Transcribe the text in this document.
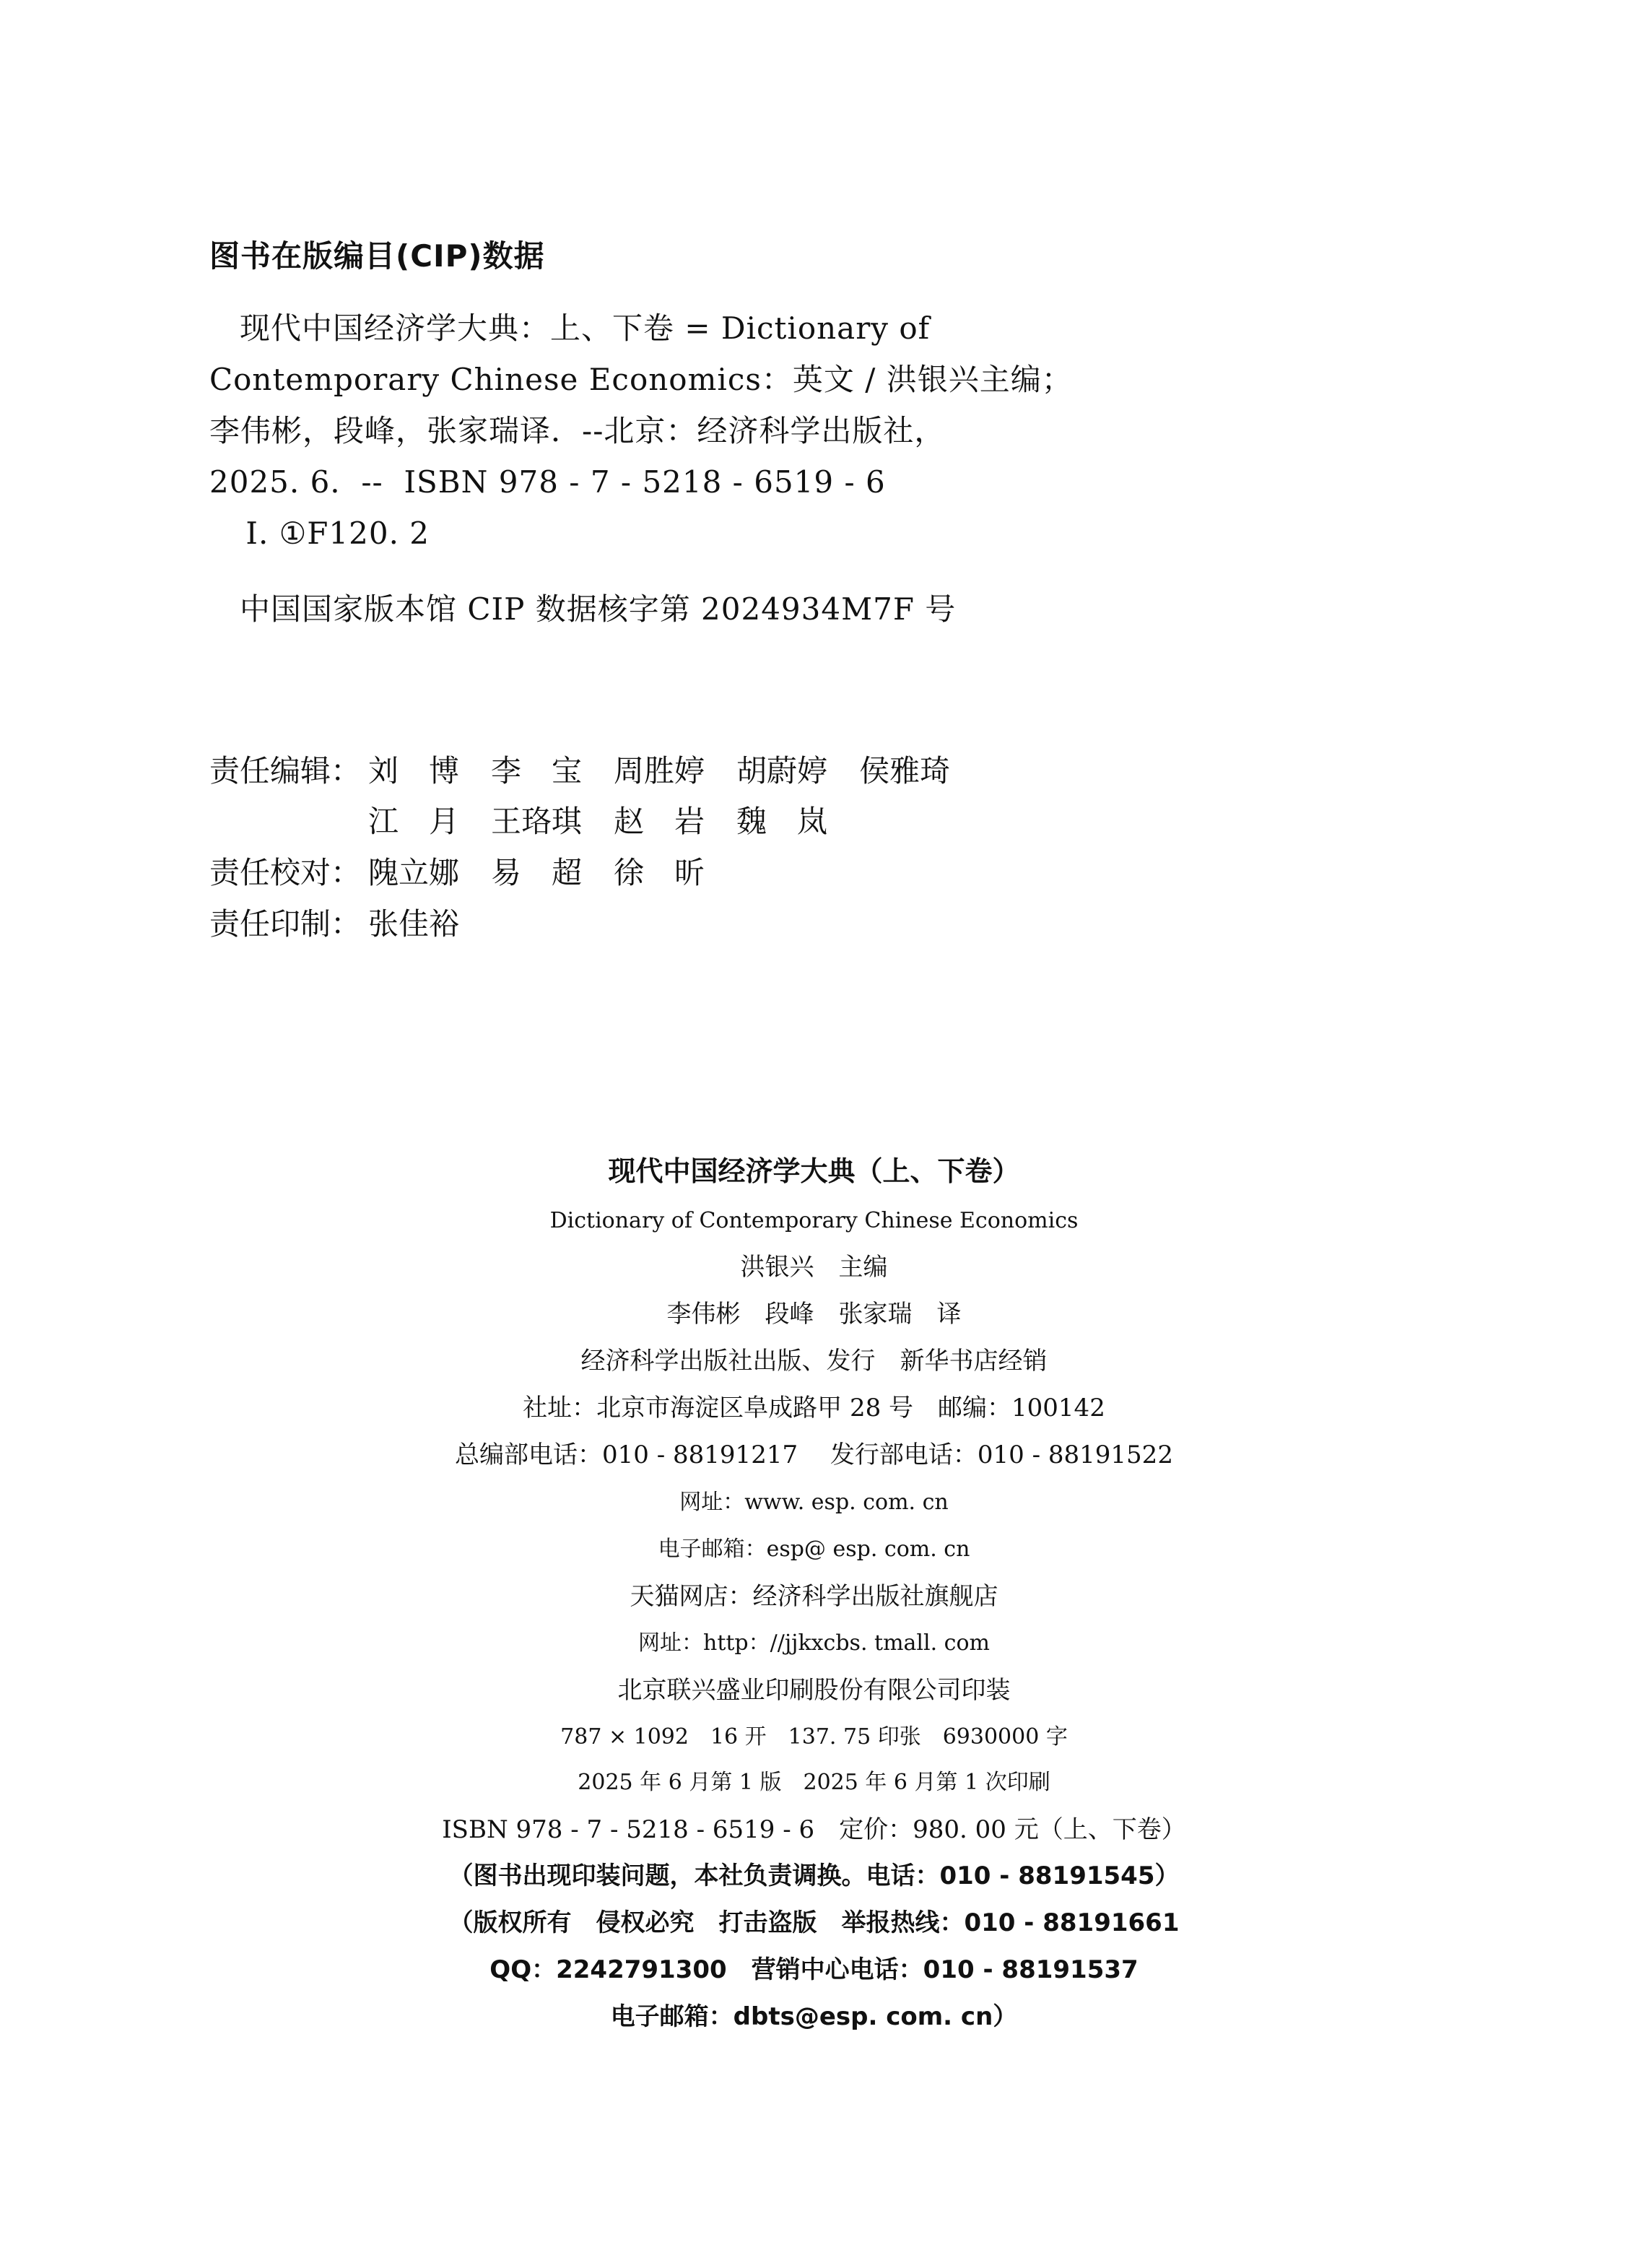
图书在版编目(CIP)数据
现代中国经济学大典：上、下卷 = Dictionary of
Contemporary Chinese Economics：英文 / 洪银兴主编；
李伟彬，段峰，张家瑞译．--北京：经济科学出版社，
2025. 6.  --  ISBN 978 - 7 - 5218 - 6519 - 6
Ⅰ. ①F120. 2
中国国家版本馆 CIP 数据核字第 2024934M7F 号
责任编辑： 刘　博 李　宝 周胜婷 胡蔚婷 侯雅琦
江　月 王珞琪 赵　岩 魏　岚
责任校对： 隗立娜 易　超 徐　昕
责任印制： 张佳裕
现代中国经济学大典（上、下卷）
Dictionary of Contemporary Chinese Economics
洪银兴　主编
李伟彬　段峰　张家瑞　译
经济科学出版社出版、发行　新华书店经销
社址：北京市海淀区阜成路甲 28 号　邮编：100142
总编部电话：010 - 88191217　 发行部电话：010 - 88191522
网址：www. esp. com. cn
电子邮箱：esp@ esp. com. cn
天猫网店：经济科学出版社旗舰店
网址：http：//jjkxcbs. tmall. com
北京联兴盛业印刷股份有限公司印装
787 × 1092　16 开　137. 75 印张　6930000 字
2025 年 6 月第 1 版　2025 年 6 月第 1 次印刷
ISBN 978 - 7 - 5218 - 6519 - 6　定价：980. 00 元（上、下卷）
（图书出现印装问题，本社负责调换。电话：010 - 88191545）
（版权所有　侵权必究　打击盗版　举报热线：010 - 88191661
QQ：2242791300　营销中心电话：010 - 88191537
电子邮箱：dbts@esp. com. cn）
